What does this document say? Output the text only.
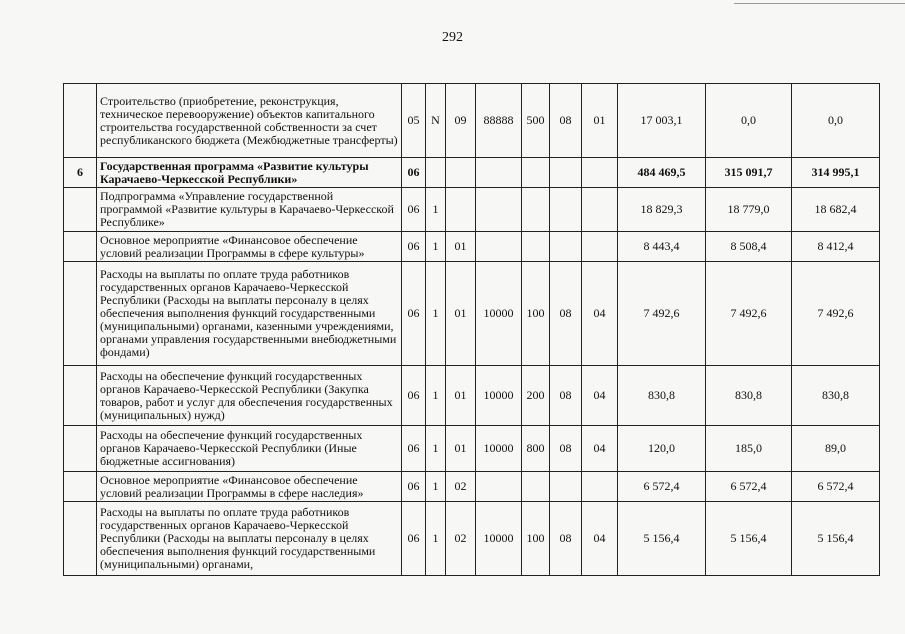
292
	Строительство (приобретение, реконструкция, техническое перевооружение) объектов капитального строительства государственной собственности за счет республиканского бюджета (Межбюджетные трансферты)	05	N	09	88888	500	08	01	17 003,1	0,0	0,0
6	Государственная программа «Развитие культуры Карачаево-Черкесской Республики»	06							484 469,5	315 091,7	314 995,1
	Подпрограмма «Управление государственной программой «Развитие культуры в Карачаево-Черкесской Республике»	06	1						18 829,3	18 779,0	18 682,4
	Основное мероприятие «Финансовое обеспечение условий реализации Программы в сфере культуры»	06	1	01					8 443,4	8 508,4	8 412,4
	Расходы на выплаты по оплате труда работников государственных органов Карачаево-Черкесской Республики (Расходы на выплаты персоналу в целях обеспечения выполнения функций государственными (муниципальными) органами, казенными учреждениями, органами управления государственными внебюджетными фондами)	06	1	01	10000	100	08	04	7 492,6	7 492,6	7 492,6
	Расходы на обеспечение функций государственных органов Карачаево-Черкесской Республики (Закупка товаров, работ и услуг для обеспечения государственных (муниципальных) нужд)	06	1	01	10000	200	08	04	830,8	830,8	830,8
	Расходы на обеспечение функций государственных органов Карачаево-Черкесской Республики (Иные бюджетные ассигнования)	06	1	01	10000	800	08	04	120,0	185,0	89,0
	Основное мероприятие «Финансовое обеспечение условий реализации Программы в сфере наследия»	06	1	02					6 572,4	6 572,4	6 572,4
	Расходы на выплаты по оплате труда работников государственных органов Карачаево-Черкесской Республики (Расходы на выплаты персоналу в целях обеспечения выполнения функций государственными (муниципальными) органами,	06	1	02	10000	100	08	04	5 156,4	5 156,4	5 156,4
